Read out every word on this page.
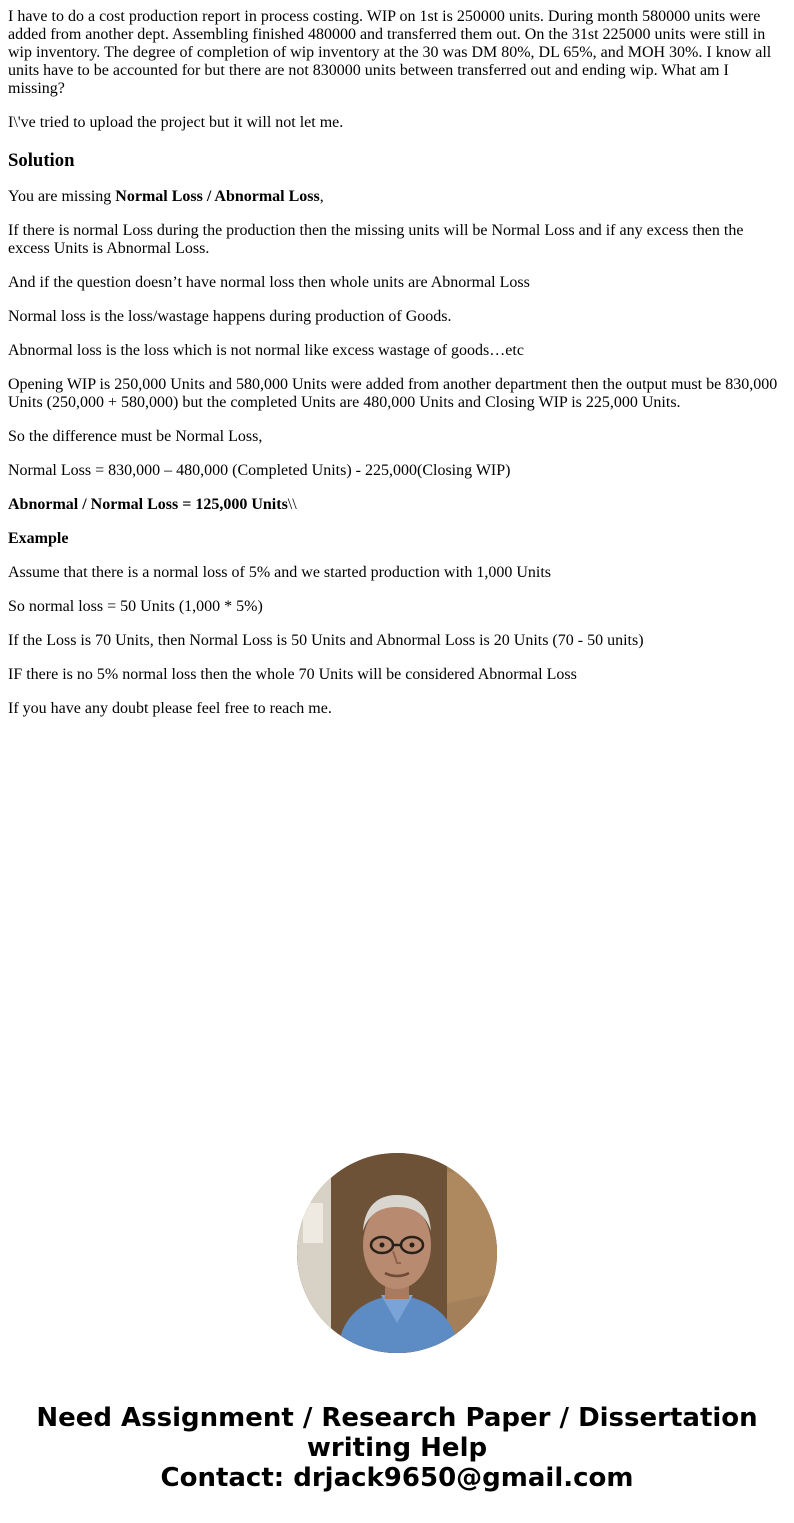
I have to do a cost production report in process costing. WIP on 1st is 250000 units. During month 580000 units were added from another dept. Assembling finished 480000 and transferred them out. On the 31st 225000 units were still in wip inventory. The degree of completion of wip inventory at the 30 was DM 80%, DL 65%, and MOH 30%. I know all units have to be accounted for but there are not 830000 units between transferred out and ending wip. What am I missing?

I\'ve tried to upload the project but it will not let me.

Solution

You are missing Normal Loss / Abnormal Loss,

If there is normal Loss during the production then the missing units will be Normal Loss and if any excess then the excess Units is Abnormal Loss.

And if the question doesn’t have normal loss then whole units are Abnormal Loss

Normal loss is the loss/wastage happens during production of Goods.

Abnormal loss is the loss which is not normal like excess wastage of goods…etc

Opening WIP is 250,000 Units and 580,000 Units were added from another department then the output must be 830,000 Units (250,000 + 580,000) but the completed Units are 480,000 Units and Closing WIP is 225,000 Units.

So the difference must be Normal Loss,

Normal Loss = 830,000 – 480,000 (Completed Units) - 225,000(Closing WIP)

Abnormal / Normal Loss = 125,000 Units\\

Example

Assume that there is a normal loss of 5% and we started production with 1,000 Units

So normal loss = 50 Units (1,000 * 5%)

If the Loss is 70 Units, then Normal Loss is 50 Units and Abnormal Loss is 20 Units (70 - 50 units)

IF there is no 5% normal loss then the whole 70 Units will be considered Abnormal Loss

If you have any doubt please feel free to reach me.

Need Assignment / Research Paper / Dissertation
writing Help
Contact: drjack9650@gmail.com
